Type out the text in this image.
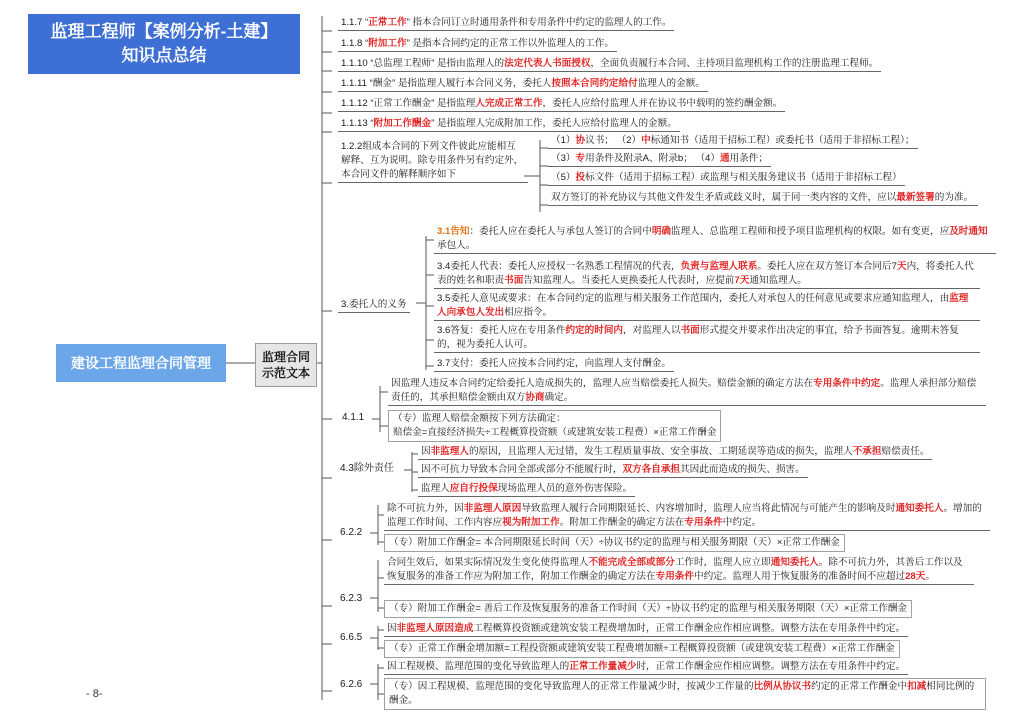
监理工程师【案例分析-土建】
知识点总结
建设工程监理合同管理	监理合同
示范文本
1.1.7 “正常工作” 指本合同订立时通用条件和专用条件中约定的监理人的工作。
1.1.8 “附加工作” 是指本合同约定的正常工作以外监理人的工作。
1.1.10 “总监理工程师” 是指由监理人的法定代表人书面授权，全面负责履行本合同、主持项目监理机构工作的注册监理工程师。
1.1.11 “酬金” 是指监理人履行本合同义务，委托人按照本合同约定给付监理人的金额。
1.1.12 “正常工作酬金” 是指监理人完成正常工作，委托人应给付监理人并在协议书中载明的签约酬金额。
1.1.13 “附加工作酬金” 是指监理人完成附加工作，委托人应给付监理人的金额。
1.2.2组成本合同的下列文件彼此应能相互解释、互为说明。除专用条件另有约定外，本合同文件的解释顺序如下
（1）协议书； （2）中标通知书（适用于招标工程）或委托书（适用于非招标工程）；
（3）专用条件及附录A、附录b； （4）通用条件；
（5）投标文件（适用于招标工程）或监理与相关服务建议书（适用于非招标工程）
双方签订的补充协议与其他文件发生矛盾或歧义时，属于同一类内容的文件，应以最新签署的为准。
3.委托人的义务
3.1告知：委托人应在委托人与承包人签订的合同中明确监理人、总监理工程师和授予项目监理机构的权限。如有变更，应及时通知承包人。
3.4委托人代表：委托人应授权一名熟悉工程情况的代表，负责与监理人联系。委托人应在双方签订本合同后7天内，将委托人代表的姓名和职责书面告知监理人。当委托人更换委托人代表时，应提前7天通知监理人。
3.5委托人意见或要求：在本合同约定的监理与相关服务工作范围内，委托人对承包人的任何意见或要求应通知监理人，由监理人向承包人发出相应指令。
3.6答复：委托人应在专用条件约定的时间内，对监理人以书面形式提交并要求作出决定的事宜，给予书面答复。逾期未答复的，视为委托人认可。
3.7支付：委托人应按本合同约定，向监理人支付酬金。
4.1.1
因监理人违反本合同约定给委托人造成损失的，监理人应当赔偿委托人损失。赔偿金额的确定方法在专用条件中约定。监理人承担部分赔偿责任的，其承担赔偿金额由双方协商确定。
（专）监理人赔偿金额按下列方法确定：
赔偿金=直接经济损失÷工程概算投资额（或建筑安装工程费）×正常工作酬金
4.3除外责任
因非监理人的原因，且监理人无过错，发生工程质量事故、安全事故、工期延误等造成的损失，监理人不承担赔偿责任。
因不可抗力导致本合同全部或部分不能履行时，双方各自承担其因此而造成的损失、损害。
监理人应自行投保现场监理人员的意外伤害保险。
6.2.2
除不可抗力外，因非监理人原因导致监理人履行合同期限延长、内容增加时，监理人应当将此情况与可能产生的影响及时通知委托人。增加的监理工作时间、工作内容应视为附加工作。附加工作酬金的确定方法在专用条件中约定。
（专）附加工作酬金= 本合同期限延长时间（天）÷协议书约定的监理与相关服务期限（天）×正常工作酬金
6.2.3
合同生效后，如果实际情况发生变化使得监理人不能完成全部或部分工作时，监理人应立即通知委托人。除不可抗力外，其善后工作以及恢复服务的准备工作应为附加工作，附加工作酬金的确定方法在专用条件中约定。监理人用于恢复服务的准备时间不应超过28天。
（专）附加工作酬金= 善后工作及恢复服务的准备工作时间（天）÷协议书约定的监理与相关服务期限（天）×正常工作酬金
6.6.5
因非监理人原因造成工程概算投资额或建筑安装工程费增加时，正常工作酬金应作相应调整。调整方法在专用条件中约定。
（专）正常工作酬金增加额=工程投资额或建筑安装工程费增加额÷工程概算投资额（或建筑安装工程费）×正常工作酬金
6.2.6
因工程规模、监理范围的变化导致监理人的正常工作量减少时，正常工作酬金应作相应调整。调整方法在专用条件中约定。
（专）因工程规模、监理范围的变化导致监理人的正常工作量减少时，按减少工作量的比例从协议书约定的正常工作酬金中扣减相同比例的酬金。
- 8-
